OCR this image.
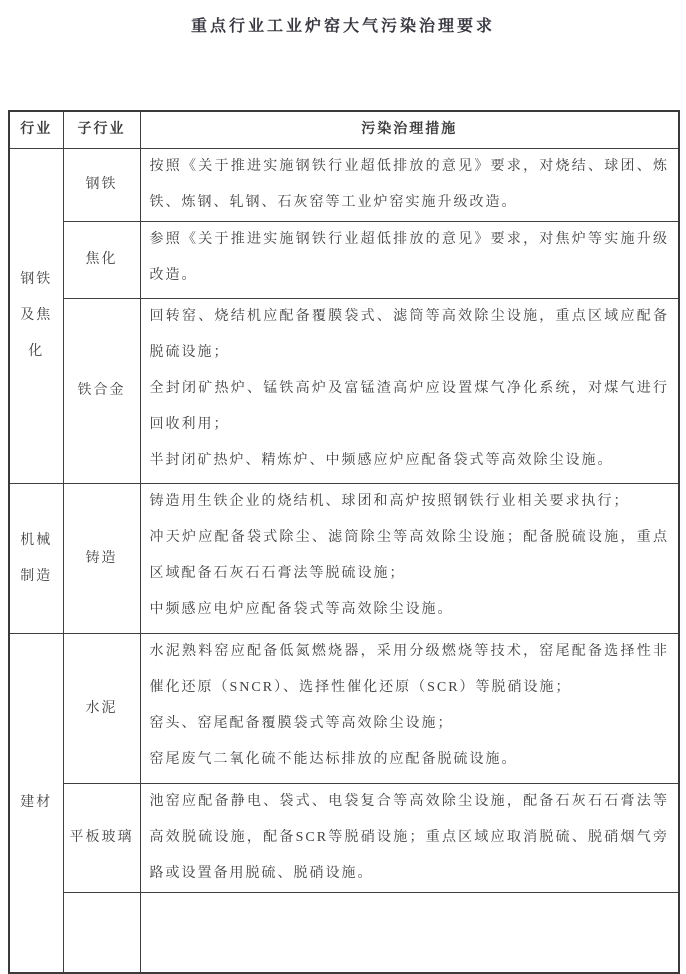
重点行业工业炉窑大气污染治理要求
行业	子行业	污染治理措施
钢铁及焦化	钢铁	按照《关于推进实施钢铁行业超低排放的意见》要求，对烧结、球团、炼铁、炼钢、轧钢、石灰窑等工业炉窑实施升级改造。

	焦化	参照《关于推进实施钢铁行业超低排放的意见》要求，对焦炉等实施升级改造。

	铁合金	回转窑、烧结机应配备覆膜袋式、滤筒等高效除尘设施，重点区域应配备脱硫设施；
全封闭矿热炉、锰铁高炉及富锰渣高炉应设置煤气净化系统，对煤气进行回收利用；
半封闭矿热炉、精炼炉、中频感应炉应配备袋式等高效除尘设施。

机械制造	铸造	铸造用生铁企业的烧结机、球团和高炉按照钢铁行业相关要求执行；
冲天炉应配备袋式除尘、滤筒除尘等高效除尘设施；配备脱硫设施，重点区域配备石灰石石膏法等脱硫设施；
中频感应电炉应配备袋式等高效除尘设施。

建材	水泥	水泥熟料窑应配备低氮燃烧器，采用分级燃烧等技术，窑尾配备选择性非催化还原（SNCR）、选择性催化还原（SCR）等脱硝设施；
窑头、窑尾配备覆膜袋式等高效除尘设施；
窑尾废气二氧化硫不能达标排放的应配备脱硫设施。

	平板玻璃	池窑应配备静电、袋式、电袋复合等高效除尘设施，配备石灰石石膏法等高效脱硫设施，配备SCR等脱硝设施；重点区域应取消脱硫、脱硝烟气旁路或设置备用脱硫、脱硝设施。
